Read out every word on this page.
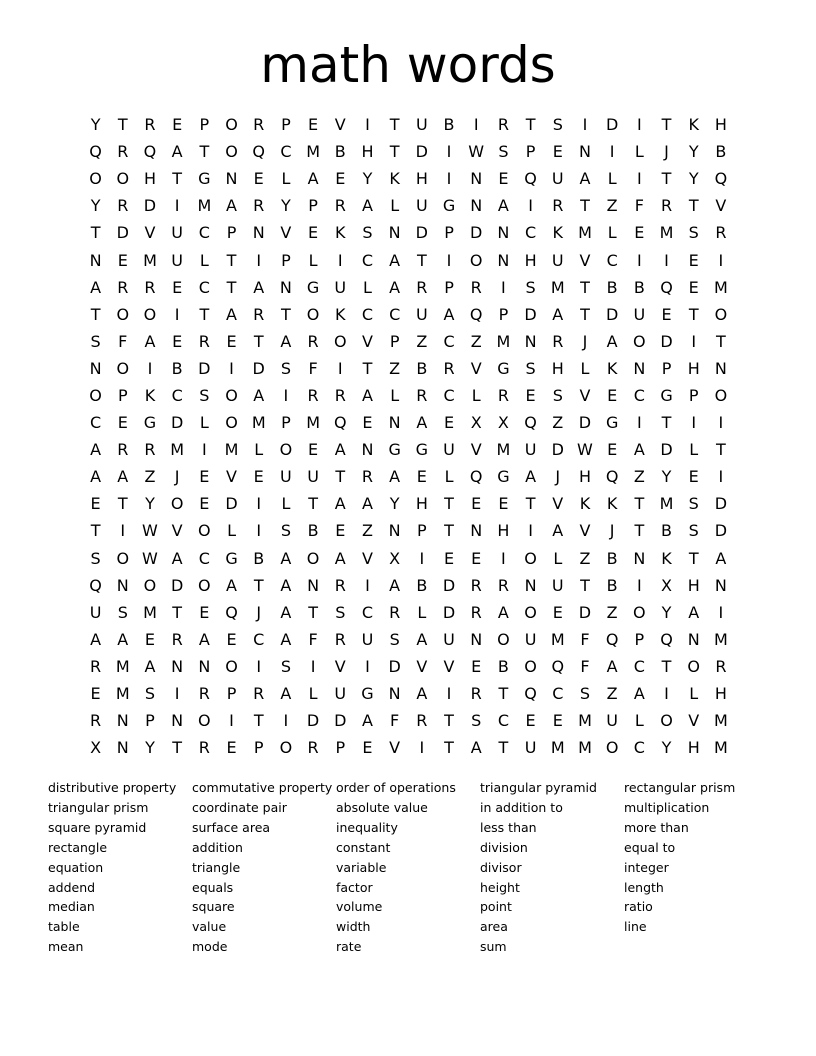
math words
Y	T	R	E	P	O R	P	E	V	I	T	U B	I	R	T	S	I	D	I	T	K H
Q R Q A	T	O Q C M B H	T	D	I	W S	P	E	N	I	L	J	Y	B
O O H	T	G N	E	L	A	E	Y	K H	I	N	E Q U A	L	I	T	Y	Q
Y	R D	I	M A	R	Y	P	R	A	L	U G N A	I	R	T	Z	F	R	T	V
T	D V U C	P	N V	E	K	S	N D	P	D N C	K M L	E M S	R
N	E M U	L	T	I	P	L	I	C	A	T	I	O N H U V	C	I	I	E	I
A	R	R	E	C	T	A N G U	L	A	R	P	R	I	S M T	B	B Q E M
T	O O	I	T	A	R	T	O K	C	C U A Q	P	D A	T	D U	E	T	O
S	F	A	E	R	E	T	A	R O V	P	Z	C	Z M N R	J	A O D	I	T
N O	I	B D	I	D S	F	I	T	Z	B	R	V G S	H	L	K N	P	H N
O	P	K	C	S O A	I	R	R	A	L	R	C	L	R	E	S	V	E	C G	P	O
C	E G D	L	O M P M Q E	N A	E	X	X Q Z D G	I	T	I	I
A	R	R M	I	M L	O E	A N G G U V M U D W E	A D	L	T
A	A	Z	J	E	V	E	U U	T	R	A	E	L	Q G A	J	H Q Z	Y	E	I
E	T	Y	O E D	I	L	T	A	A	Y	H	T	E	E	T	V	K	K	T M S D
T	I	W V O	L	I	S	B	E	Z N	P	T	N H	I	A	V	J	T	B	S D
S O W A	C G B	A O A	V	X	I	E	E	I	O	L	Z	B N K	T	A
Q N O D O A	T	A N R	I	A	B D R	R N U	T	B	I	X H N
U	S M T	E Q	J	A	T	S	C	R	L	D R	A O E D Z O	Y	A	I
A	A	E	R	A	E	C	A	F	R U	S	A U N O U M F	Q	P	Q N M
R M A N N O	I	S	I	V	I	D V	V	E	B O Q	F	A	C	T	O R
E M S	I	R	P	R	A	L	U G N A	I	R	T	Q C	S	Z	A	I	L	H
R N	P	N O	I	T	I	D D A	F	R	T	S	C	E	E M U	L	O V M
X N	Y	T	R	E	P	O R	P	E	V	I	T	A	T	U M M O C	Y	H M
distributive property
triangular prism
square pyramid
rectangle
equation
addend
median
table
mean
commutative property
coordinate pair
surface area
addition
triangle
equals
square
value
mode
order of operations
absolute value
inequality
constant
variable
factor
volume
width
rate
triangular pyramid
in addition to
less than
division
divisor
height
point
area
sum
rectangular prism
multiplication
more than
equal to
integer
length
ratio
line
